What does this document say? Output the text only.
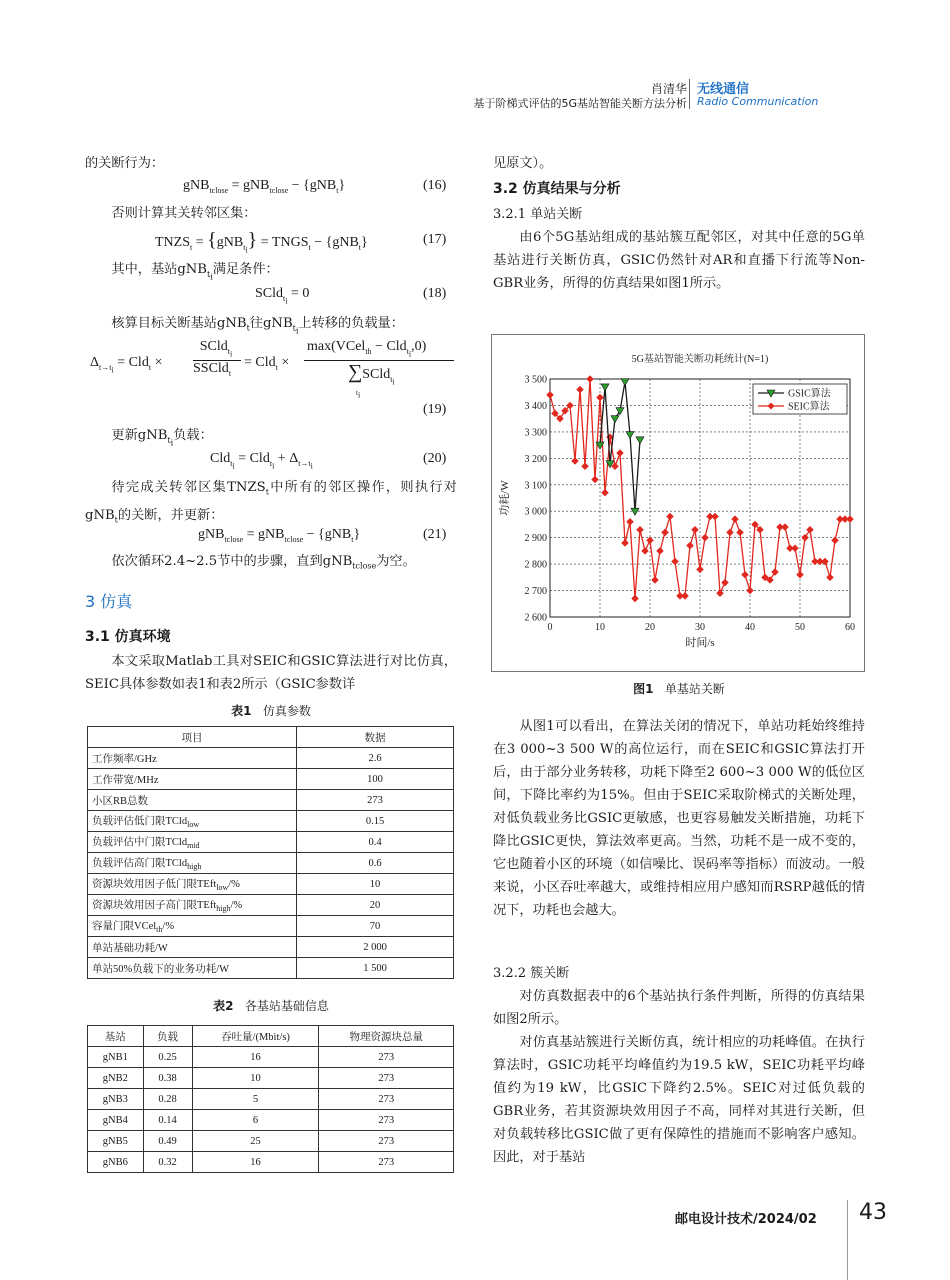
肖清华
基于阶梯式评估的5G基站智能关断方法分析
无线通信
Radio Communication
的关断行为：
gNB$_{tclose}$ = gNB$_{tclose}$ − {gNB$_t$}	(16)
否则计算其关转邻区集：
$TNZS_t = \{gNB_{t_i}\}$ = $TNGS_t - \{gNB_t\}$	(17)
其中，基站gNB$_{t_i}$满足条件：
SCld$_{t_i}$ = 0	(18)
核算目标关断基站gNB$_t$往gNB$_{t_i}$上转移的负载量：
$\Delta_{t\to t_i} = Cld_t$ ×
SCld$_{t_i}$
SSCld$_t$
= Cld$_t$ ×
max(VCel$_{th}$ − Cld$_{t_i}$,0)
∑SCld$_{t_i}$
$t_i$
(19)
更新gNB$_{t_i}$负载：
$Cld_{t_i} = Cld_{t_i} + \Delta_{t\to t_i}$	(20)
待完成关转邻区集$TNZS_t$中所有的邻区操作，则执行对gNB$_t$的关断，并更新：
gNB$_{tclose}$ = gNB$_{tclose}$ − {gNB$_t$}	(21)
依次循环2.4~2.5节中的步骤，直到gNB$_{tclose}$为空。
3 仿真
3.1 仿真环境
本文采取Matlab工具对SEIC和GSIC算法进行对比仿真，SEIC具体参数如表1和表2所示（GSIC参数详
表1 仿真参数
项目	数据
工作频率/GHz	2.6
工作带宽/MHz	100
小区RB总数	273
负载评估低门限TCld$_{low}$	0.15
负载评估中门限TCld$_{mid}$	0.4
负载评估高门限TCld$_{high}$	0.6
资源块效用因子低门限TEft$_{low}$/%	10
资源块效用因子高门限TEft$_{high}$/%	20
容量门限VCel$_{th}$/%	70
单站基础功耗/W	2 000
单站50%负载下的业务功耗/W	1 500
表2 各基站基础信息
基站	负载	吞吐量/(Mbit/s)	物理资源块总量
gNB1	0.25	16	273
gNB2	0.38	10	273
gNB3	0.28	5	273
gNB4	0.14	6	273
gNB5	0.49	25	273
gNB6	0.32	16	273
见原文）。
3.2 仿真结果与分析
3.2.1 单站关断
由6个5G基站组成的基站簇互配邻区，对其中任意的5G单基站进行关断仿真，GSIC仍然针对AR和直播下行流等Non-GBR业务，所得的仿真结果如图1所示。
5G基站智能关断功耗统计(N=1)
0	10	20	30	40	50	60
2 600
2 700
2 800
2 900
3 000
3 100
3 200
3 300
3 400
3 500
时间/s
功耗/W
GSIC算法
SEIC算法
图1 单基站关断
从图1可以看出，在算法关闭的情况下，单站功耗始终维持在3 000~3 500 W的高位运行，而在SEIC和GSIC算法打开后，由于部分业务转移，功耗下降至2 600~3 000 W的低位区间，下降比率约为15%。但由于SEIC采取阶梯式的关断处理，对低负载业务比GSIC更敏感，也更容易触发关断措施，功耗下降比GSIC更快，算法效率更高。当然，功耗不是一成不变的，它也随着小区的环境（如信噪比、误码率等指标）而波动。一般来说，小区吞吐率越大，或维持相应用户感知而RSRP越低的情况下，功耗也会越大。
3.2.2 簇关断
对仿真数据表中的6个基站执行条件判断，所得的仿真结果如图2所示。
对仿真基站簇进行关断仿真，统计相应的功耗峰值。在执行算法时，GSIC功耗平均峰值约为19.5 kW，SEIC功耗平均峰值约为19 kW，比GSIC下降约2.5%。SEIC对过低负载的GBR业务，若其资源块效用因子不高，同样对其进行关断，但对负载转移比GSIC做了更有保障性的措施而不影响客户感知。因此，对于基站
邮电设计技术/2024/02 43
